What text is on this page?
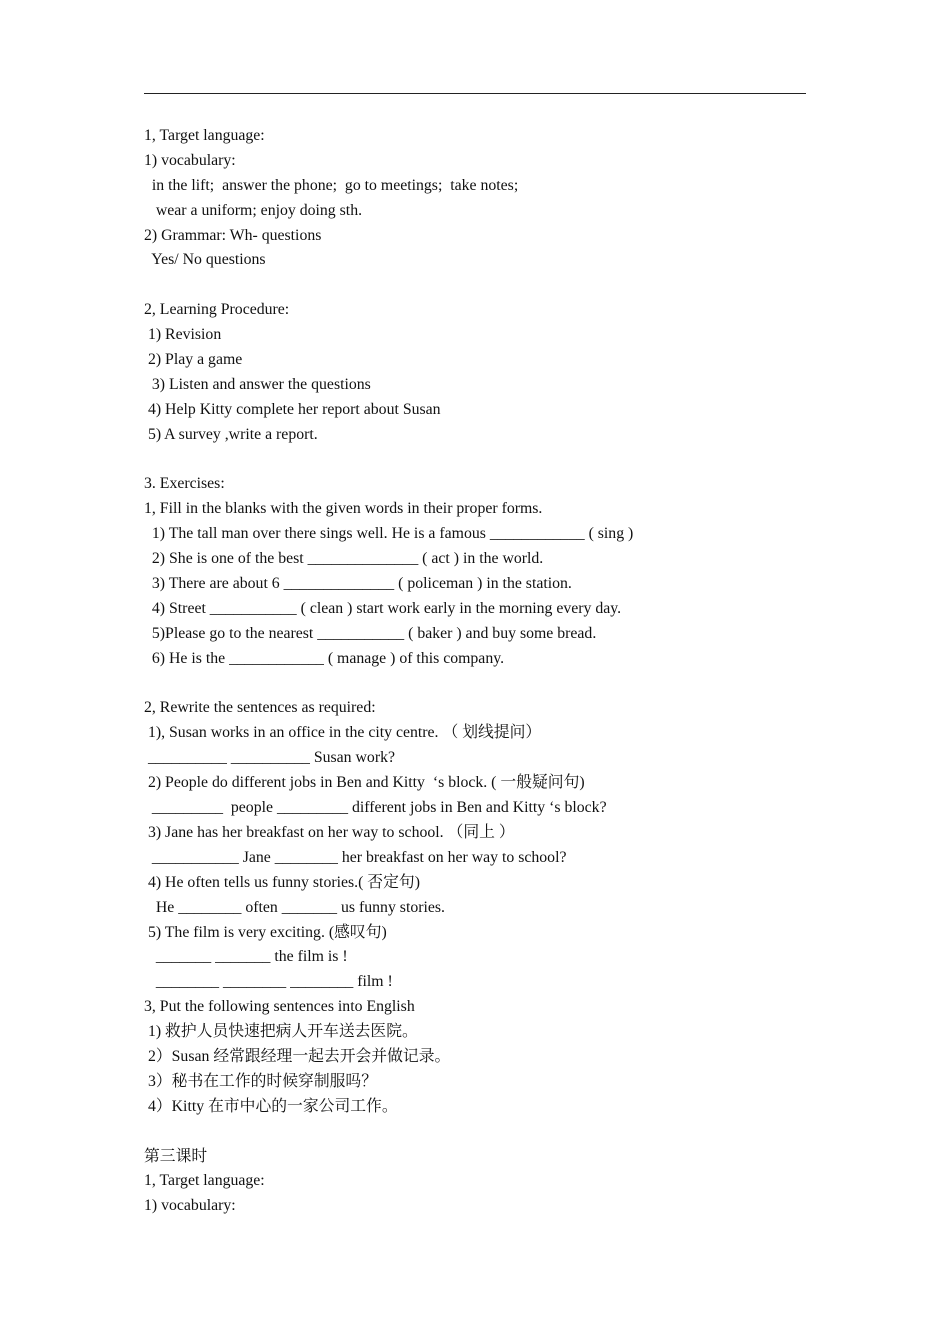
1, Target language:
1) vocabulary:
in the lift;  answer the phone;  go to meetings;  take notes;
wear a uniform; enjoy doing sth.
2) Grammar: Wh- questions
Yes/ No questions
2, Learning Procedure:
1) Revision
2) Play a game
3) Listen and answer the questions
4) Help Kitty complete her report about Susan
5) A survey ,write a report.
3. Exercises:
1, Fill in the blanks with the given words in their proper forms.
1) The tall man over there sings well. He is a famous ____________ ( sing )
2) She is one of the best ______________ ( act ) in the world.
3) There are about 6 ______________ ( policeman ) in the station.
4) Street ___________ ( clean ) start work early in the morning every day.
5)Please go to the nearest ___________ ( baker ) and buy some bread.
6) He is the ____________ ( manage ) of this company.
2, Rewrite the sentences as required:
1), Susan works in an office in the city centre. （ 划线提问）
__________ __________ Susan work?
2) People do different jobs in Ben and Kitty  ‘s block. ( 一般疑问句)
_________  people _________ different jobs in Ben and Kitty ‘s block?
3) Jane has her breakfast on her way to school. （同上 ）
___________ Jane ________ her breakfast on her way to school?
4) He often tells us funny stories.( 否定句)
He ________ often _______ us funny stories.
5) The film is very exciting. (感叹句)
_______ _______ the film is !
________ ________ ________ film !
3, Put the following sentences into English
1) 救护人员快速把病人开车送去医院。
2）Susan 经常跟经理一起去开会并做记录。
3）秘书在工作的时候穿制服吗？
4）Kitty 在市中心的一家公司工作。
第三课时
1, Target language:
1) vocabulary:
